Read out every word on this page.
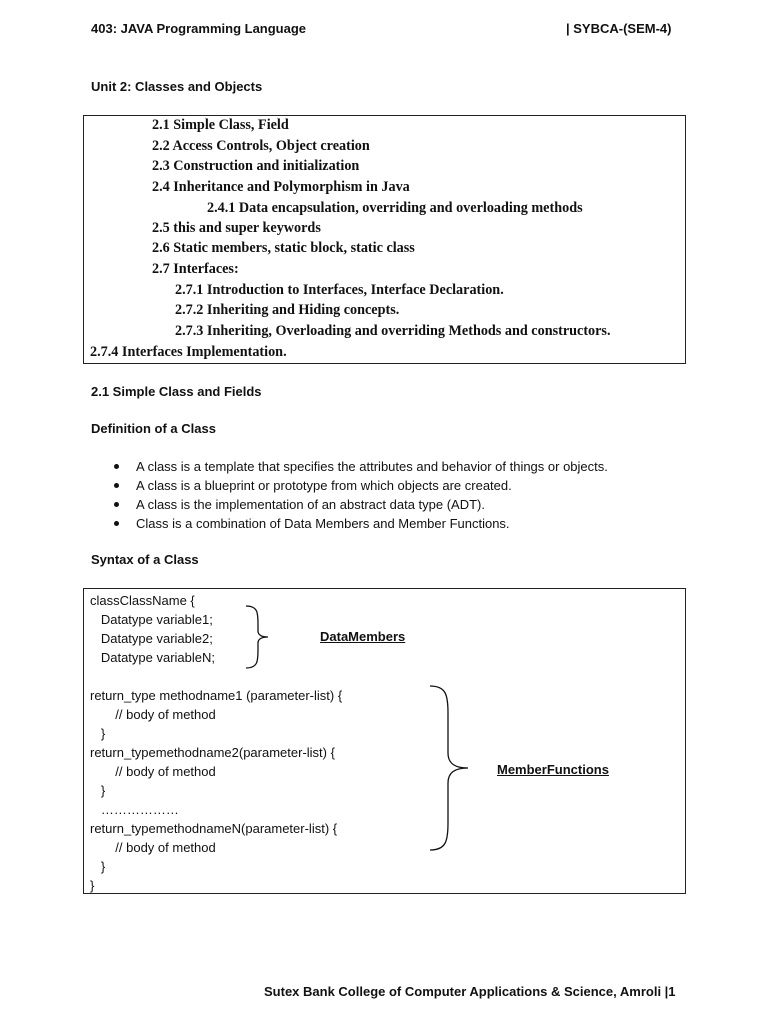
403: JAVA Programming Language	| SYBCA-(SEM-4)
Unit 2: Classes and Objects
2.1 Simple Class, Field
2.2 Access Controls, Object creation
2.3 Construction and initialization
2.4 Inheritance and Polymorphism in Java
2.4.1 Data encapsulation, overriding and overloading methods
2.5 this and super keywords
2.6 Static members, static block, static class
2.7 Interfaces:
2.7.1 Introduction to Interfaces, Interface Declaration.
2.7.2 Inheriting and Hiding concepts.
2.7.3 Inheriting, Overloading and overriding Methods and constructors.
2.7.4 Interfaces Implementation.
2.1 Simple Class and Fields
Definition of a Class
A class is a template that specifies the attributes and behavior of things or objects.
A class is a blueprint or prototype from which objects are created.
A class is the implementation of an abstract data type (ADT).
Class is a combination of Data Members and Member Functions.
Syntax of a Class
classClassName {
Datatype variable1;
Datatype variable2;
Datatype variableN;
return_type methodname1 (parameter-list) {
// body of method
}
return_typemethodname2(parameter-list) {
// body of method
}
………………
return_typemethodnameN(parameter-list) {
// body of method
}
}
DataMembers
MemberFunctions
Sutex Bank College of Computer Applications & Science, Amroli |1
